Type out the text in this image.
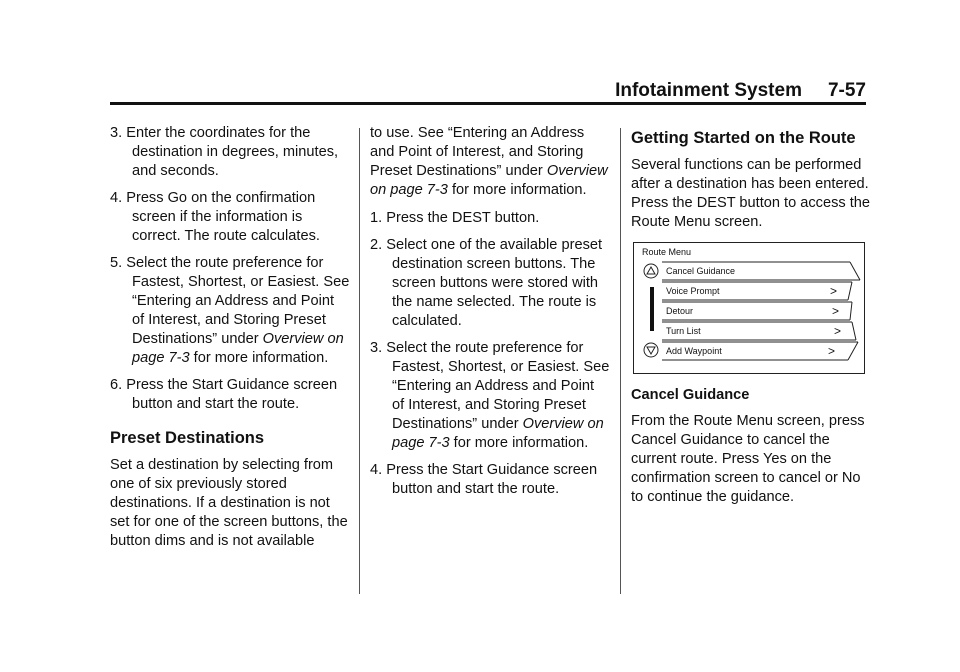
Infotainment System 7-57

3. Enter the coordinates for the destination in degrees, minutes, and seconds.

4. Press Go on the confirmation screen if the information is correct. The route calculates.

5. Select the route preference for Fastest, Shortest, or Easiest. See “Entering an Address and Point of Interest, and Storing Preset Destinations” under Overview on page 7-3 for more information.

6. Press the Start Guidance screen button and start the route.

Preset Destinations

Set a destination by selecting from one of six previously stored destinations. If a destination is not set for one of the screen buttons, the button dims and is not available

to use. See “Entering an Address and Point of Interest, and Storing Preset Destinations” under Overview on page 7-3 for more information.

1. Press the DEST button.

2. Select one of the available preset destination screen buttons. The screen buttons were stored with the name selected. The route is calculated.

3. Select the route preference for Fastest, Shortest, or Easiest. See “Entering an Address and Point of Interest, and Storing Preset Destinations” under Overview on page 7-3 for more information.

4. Press the Start Guidance screen button and start the route.

Getting Started on the Route

Several functions can be performed after a destination has been entered. Press the DEST button to access the Route Menu screen.

Route Menu
Cancel Guidance
Voice Prompt
Detour
Turn List
Add Waypoint
>
>
>
>
Cancel Guidance

From the Route Menu screen, press Cancel Guidance to cancel the current route. Press Yes on the confirmation screen to cancel or No to continue the guidance.
